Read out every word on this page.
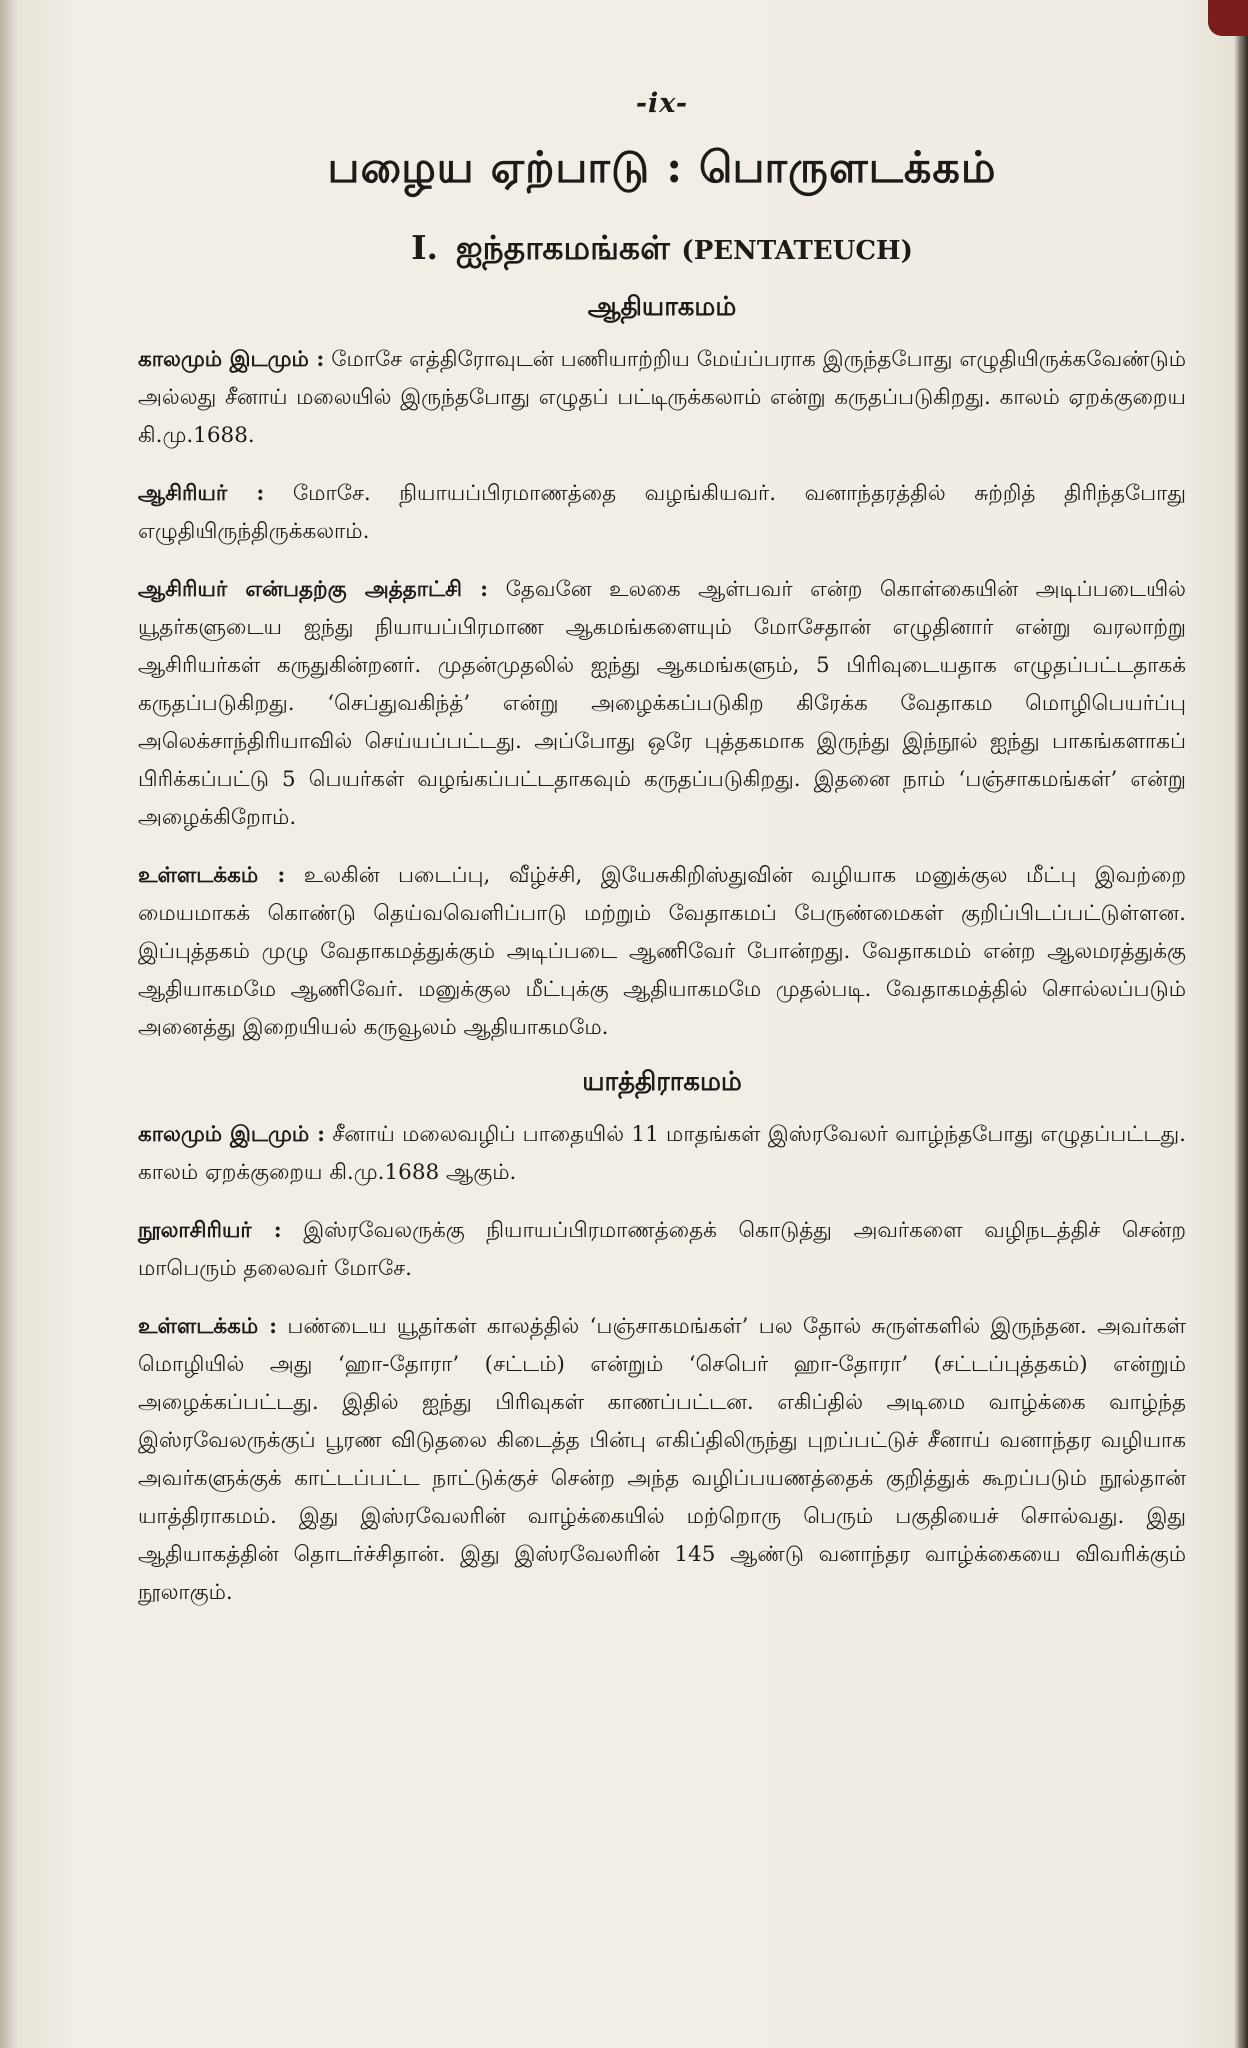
-ix-
பழைய ஏற்பாடு : பொருளடக்கம்
I. ஐந்தாகமங்கள் (PENTATEUCH)
ஆதியாகமம்

காலமும் இடமும் : மோசே எத்திரோவுடன் பணியாற்றிய மேய்ப்பராக இருந்தபோது எழுதியிருக்கவேண்டும் அல்லது சீனாய் மலையில் இருந்தபோது எழுதப் பட்டிருக்கலாம் என்று கருதப்படுகிறது. காலம் ஏறக்குறைய கி.மு.1688.

ஆசிரியர் : மோசே. நியாயப்பிரமாணத்தை வழங்கியவர். வனாந்தரத்தில் சுற்றித் திரிந்தபோது எழுதியிருந்திருக்கலாம்.

ஆசிரியர் என்பதற்கு அத்தாட்சி : தேவனே உலகை ஆள்பவர் என்ற கொள்கையின் அடிப்படையில் யூதர்களுடைய ஐந்து நியாயப்பிரமாண ஆகமங்களையும் மோசேதான் எழுதினார் என்று வரலாற்று ஆசிரியர்கள் கருதுகின்றனர். முதன்முதலில் ஐந்து ஆகமங்களும், 5 பிரிவுடையதாக எழுதப்பட்டதாகக் கருதப்படுகிறது. ‘செப்துவகிந்த்’ என்று அழைக்கப்படுகிற கிரேக்க வேதாகம மொழிபெயர்ப்பு அலெக்சாந்திரியாவில் செய்யப்பட்டது. அப்போது ஒரே புத்தகமாக இருந்து இந்நூல் ஐந்து பாகங்களாகப் பிரிக்கப்பட்டு 5 பெயர்கள் வழங்கப்பட்டதாகவும் கருதப்படுகிறது. இதனை நாம் ‘பஞ்சாகமங்கள்’ என்று அழைக்கிறோம்.

உள்ளடக்கம் : உலகின் படைப்பு, வீழ்ச்சி, இயேசுகிறிஸ்துவின் வழியாக மனுக்குல மீட்பு இவற்றை மையமாகக் கொண்டு தெய்வவெளிப்பாடு மற்றும் வேதாகமப் பேருண்மைகள் குறிப்பிடப்பட்டுள்ளன. இப்புத்தகம் முழு வேதாகமத்துக்கும் அடிப்படை ஆணிவேர் போன்றது. வேதாகமம் என்ற ஆலமரத்துக்கு ஆதியாகமமே ஆணிவேர். மனுக்குல மீட்புக்கு ஆதியாகமமே முதல்படி. வேதாகமத்தில் சொல்லப்படும் அனைத்து இறையியல் கருவூலம் ஆதியாகமமே.

யாத்திராகமம்

காலமும் இடமும் : சீனாய் மலைவழிப் பாதையில் 11 மாதங்கள் இஸ்ரவேலர் வாழ்ந்தபோது எழுதப்பட்டது. காலம் ஏறக்குறைய கி.மு.1688 ஆகும்.

நூலாசிரியர் : இஸ்ரவேலருக்கு நியாயப்பிரமாணத்தைக் கொடுத்து அவர்களை வழிநடத்திச் சென்ற மாபெரும் தலைவர் மோசே.

உள்ளடக்கம் : பண்டைய யூதர்கள் காலத்தில் ‘பஞ்சாகமங்கள்’ பல தோல் சுருள்களில் இருந்தன. அவர்கள் மொழியில் அது ‘ஹா-தோரா’ (சட்டம்) என்றும் ‘செபெர் ஹா-தோரா’ (சட்டப்புத்தகம்) என்றும் அழைக்கப்பட்டது. இதில் ஐந்து பிரிவுகள் காணப்பட்டன. எகிப்தில் அடிமை வாழ்க்கை வாழ்ந்த இஸ்ரவேலருக்குப் பூரண விடுதலை கிடைத்த பின்பு எகிப்திலிருந்து புறப்பட்டுச் சீனாய் வனாந்தர வழியாக அவர்களுக்குக் காட்டப்பட்ட நாட்டுக்குச் சென்ற அந்த வழிப்பயணத்தைக் குறித்துக் கூறப்படும் நூல்தான் யாத்திராகமம். இது இஸ்ரவேலரின் வாழ்க்கையில் மற்றொரு பெரும் பகுதியைச் சொல்வது. இது ஆதியாகத்தின் தொடர்ச்சிதான். இது இஸ்ரவேலரின் 145 ஆண்டு வனாந்தர வாழ்க்கையை விவரிக்கும் நூலாகும்.
